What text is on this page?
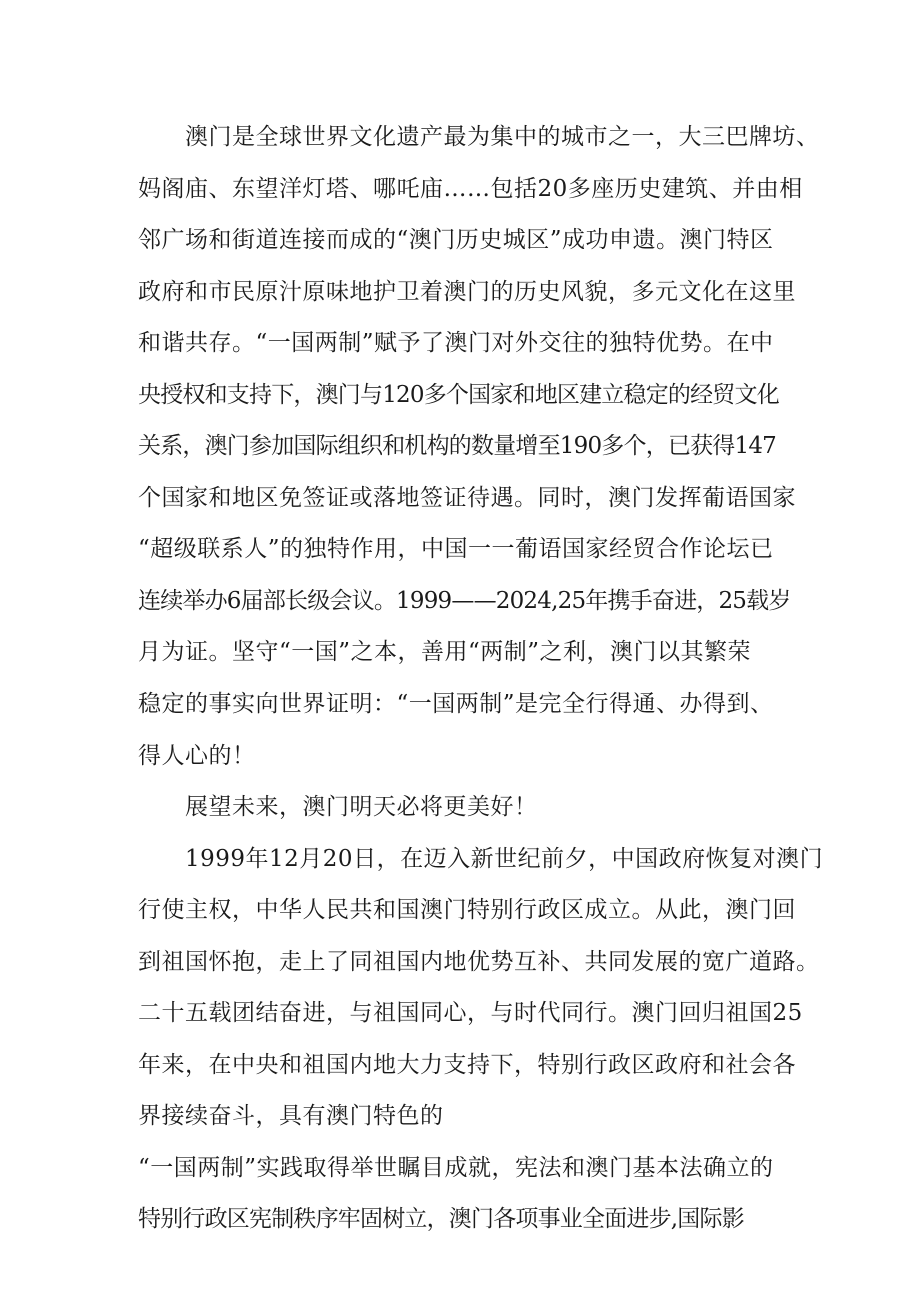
澳门是全球世界文化遗产最为集中的城市之一，大三巴牌坊、
妈阁庙、东望洋灯塔、哪吒庙……包括20多座历史建筑、并由相
邻广场和街道连接而成的“澳门历史城区”成功申遗。澳门特区
政府和市民原汁原味地护卫着澳门的历史风貌，多元文化在这里
和谐共存。“一国两制”赋予了澳门对外交往的独特优势。在中
央授权和支持下，澳门与120多个国家和地区建立稳定的经贸文化
关系，澳门参加国际组织和机构的数量增至190多个，已获得147
个国家和地区免签证或落地签证待遇。同时，澳门发挥葡语国家
“超级联系人”的独特作用，中国一一葡语国家经贸合作论坛已
连续举办6届部长级会议。1999——2024,25年携手奋进，25载岁
月为证。坚守“一国”之本，善用“两制”之利，澳门以其繁荣
稳定的事实向世界证明：“一国两制”是完全行得通、办得到、
得人心的！
展望未来，澳门明天必将更美好！
1999年12月20日，在迈入新世纪前夕，中国政府恢复对澳门
行使主权，中华人民共和国澳门特别行政区成立。从此，澳门回
到祖国怀抱，走上了同祖国内地优势互补、共同发展的宽广道路。
二十五载团结奋进，与祖国同心，与时代同行。澳门回归祖国25
年来，在中央和祖国内地大力支持下，特别行政区政府和社会各
界接续奋斗，具有澳门特色的
“一国两制”实践取得举世瞩目成就，宪法和澳门基本法确立的
特别行政区宪制秩序牢固树立，澳门各项事业全面进步,国际影
